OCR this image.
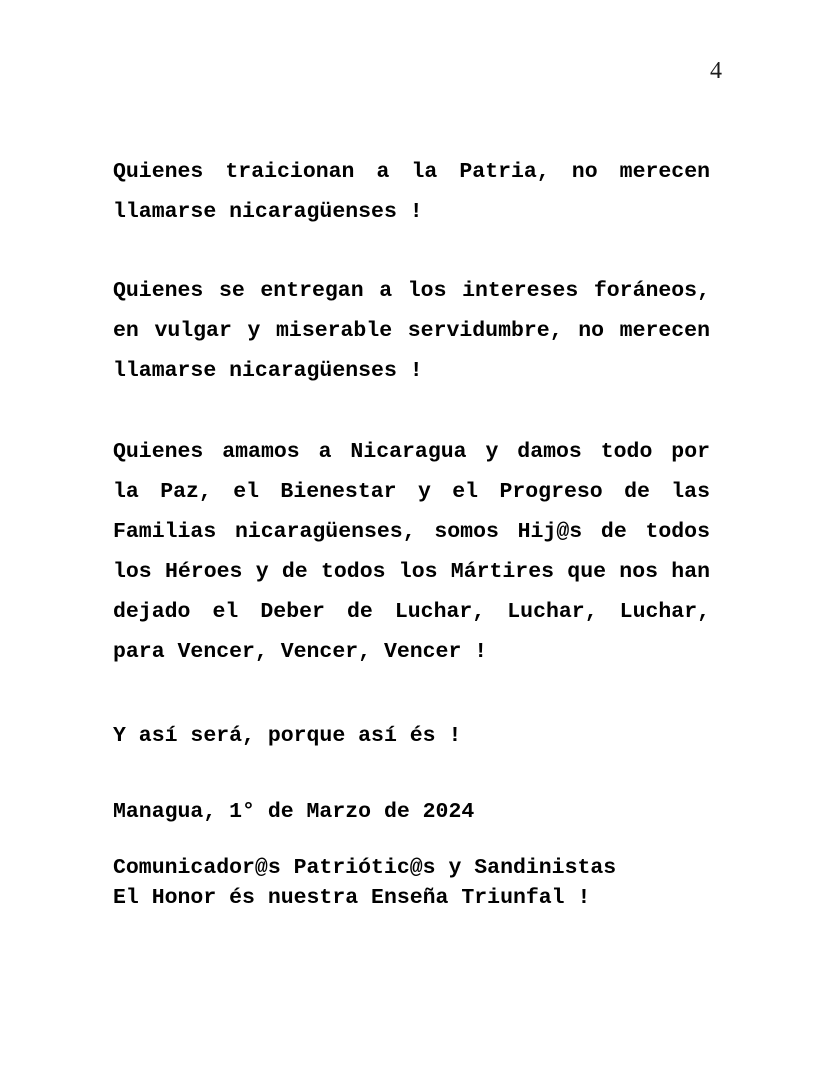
4
Quienes traicionan a la Patria, no merecen
llamarse nicaragüenses !
Quienes se entregan a los intereses foráneos,
en vulgar y miserable servidumbre, no merecen
llamarse nicaragüenses !
Quienes amamos a Nicaragua y damos todo por
la Paz, el Bienestar y el Progreso de las
Familias nicaragüenses, somos Hij@s de todos
los Héroes y de todos los Mártires que nos han
dejado el Deber de Luchar, Luchar, Luchar,
para Vencer, Vencer, Vencer !
Y así será, porque así és !
Managua, 1° de Marzo de 2024
Comunicador@s Patriótic@s y Sandinistas
El Honor és nuestra Enseña Triunfal !
